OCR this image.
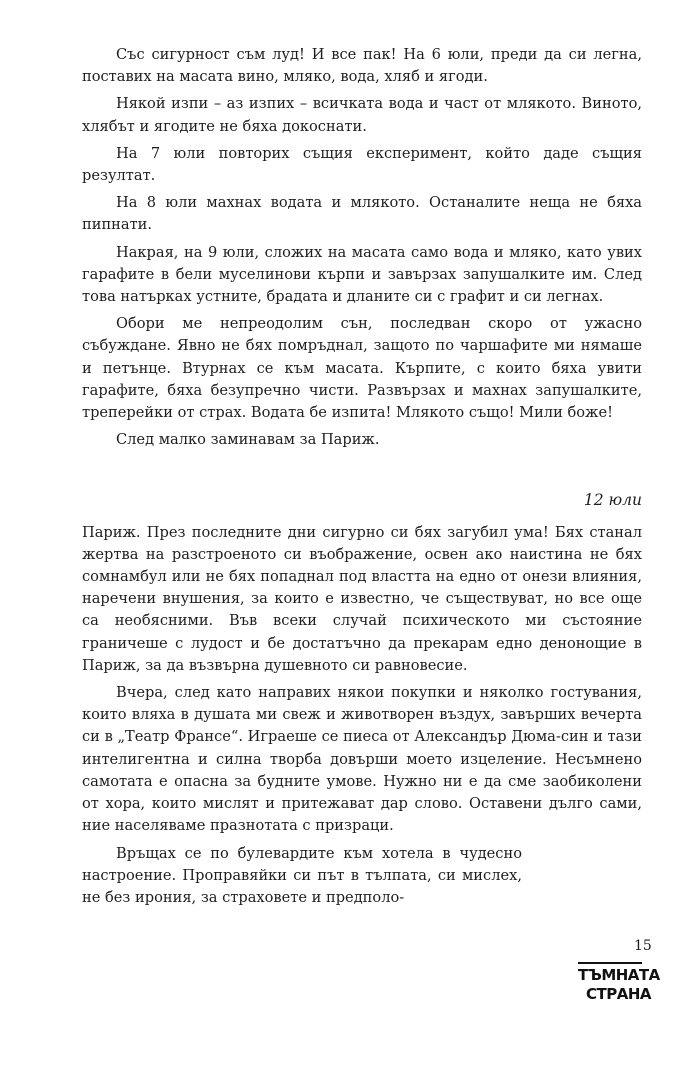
Със сигурност съм луд! И все пак! На 6 юли, преди да си легна, поставих на масата вино, мляко, вода, хляб и ягоди.

Някой изпи – аз изпих – всичката вода и част от млякото. Виното, хлябът и ягодите не бяха докоснати.

На 7 юли повторих същия експеримент, който даде същия резултат.

На 8 юли махнах водата и млякото. Останалите неща не бяха пипнати.

Накрая, на 9 юли, сложих на масата само вода и мляко, като увих гарафите в бели муселинови кърпи и завързах запушалките им. След това натърках устните, брадата и дланите си с графит и си легнах.

Обори ме непреодолим сън, последван скоро от ужасно събуждане. Явно не бях помръднал, защото по чаршафите ми нямаше и петънце. Втурнах се към масата. Кърпите, с които бяха увити гарафите, бяха безупречно чисти. Развързах и махнах запушалките, треперейки от страх. Водата бе изпита! Млякото също! Мили боже!

След малко заминавам за Париж.

12 юли

Париж. През последните дни сигурно си бях загубил ума! Бях станал жертва на разстроеното си въображение, освен ако наистина не бях сомнамбул или не бях попаднал под властта на едно от онези влияния, наречени внушения, за които е известно, че съществуват, но все още са необясними. Във всеки случай психическото ми състояние граничеше с лудост и бе достатъчно да прекарам едно денонощие в Париж, за да възвърна душевното си равновесие.

Вчера, след като направих някои покупки и няколко гостувания, които вляха в душата ми свеж и животворен въздух, завърших вечерта си в „Театр Франсе“. Играеше се пиеса от Александър Дюма-син и тази интелигентна и силна творба довърши моето изцеление. Несъмнено самотата е опасна за будните умове. Нужно ни е да сме заобиколени от хора, които мислят и притежават дар слово. Оставени дълго сами, ние населяваме празнотата с призраци.

Връщах се по булевардите към хотела в чудесно настроение. Проправяйки си път в тълпата, си мислех, не без ирония, за страховете и предполо-

15
ТЪМНАТА
СТРАНА
